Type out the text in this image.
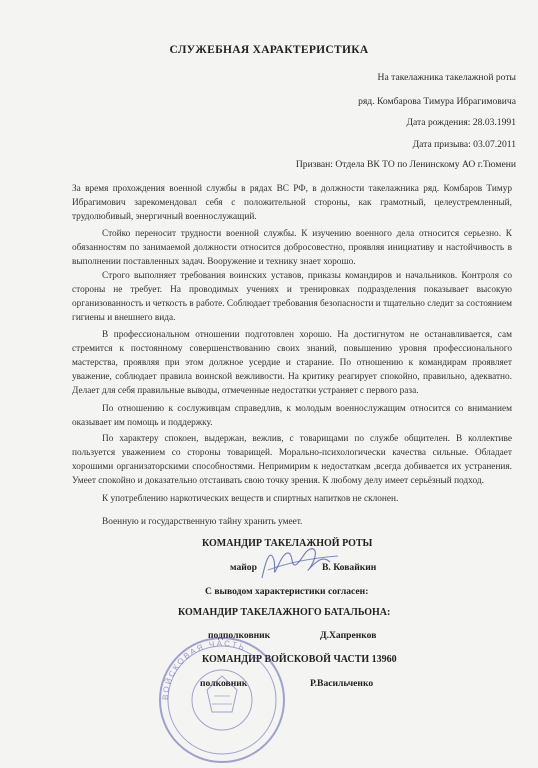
СЛУЖЕБНАЯ ХАРАКТЕРИСТИКА
На такелажника такелажной роты
ряд. Комбарова Тимура Ибрагимовича
Дата рождения: 28.03.1991
Дата призыва: 03.07.2011
Призван: Отдела ВК ТО по Ленинскому АО г.Тюмени
За время прохождения военной службы в рядах ВС РФ, в должности такелажника ряд. Комбаров Тимур Ибрагимович зарекомендовал себя с положительной стороны, как грамотный, целеустремленный, трудолюбивый, энергичный военнослужащий.
Стойко переносит трудности военной службы. К изучению военного дела относится серьезно. К обязанностям по занимаемой должности относится добросовестно, проявляя инициативу и настойчивость в выполнении поставленных задач. Вооружение и технику знает хорошо.
Строго выполняет требования воинских уставов, приказы командиров и начальников. Контроля со стороны не требует. На проводимых учениях и тренировках подразделения показывает высокую организованность и четкость в работе. Соблюдает требования безопасности и тщательно следит за состоянием гигиены и внешнего вида.
В профессиональном отношении подготовлен хорошо. На достигнутом не останавливается, сам стремится к постоянному совершенствованию своих знаний, повышению уровня профессионального мастерства, проявляя при этом должное усердие и старание. По отношению к командирам проявляет уважение, соблюдает правила воинской вежливости. На критику реагирует спокойно, правильно, адекватно. Делает для себя правильные выводы, отмеченные недостатки устраняет с первого раза.
По отношению к сослуживцам справедлив, к молодым военнослужащим относится со вниманием оказывает им помощь и поддержку.
По характеру спокоен, выдержан, вежлив, с товарищами по службе общителен. В коллективе пользуется уважением со стороны товарищей. Морально-психологически качества сильные. Обладает хорошими организаторскими способностями. Непримирим к недостаткам ,всегда добивается их устранения. Умеет спокойно и доказательно отстаивать свою точку зрения. К любому делу имеет серьёзный подход.
К употреблению наркотических веществ и спиртных напитков не склонен.
Военную и государственную тайну хранить умеет.
КОМАНДИР ТАКЕЛАЖНОЙ РОТЫ
майор	В. Ковайкин
С выводом характеристики согласен:
КОМАНДИР ТАКЕЛАЖНОГО БАТАЛЬОНА:
подполковник	Д.Хапренков
КОМАНДИР ВОЙСКОВОЙ ЧАСТИ 13960
полковник	Р.Васильченко
ВОЙСКОВАЯ ЧАСТЬ
